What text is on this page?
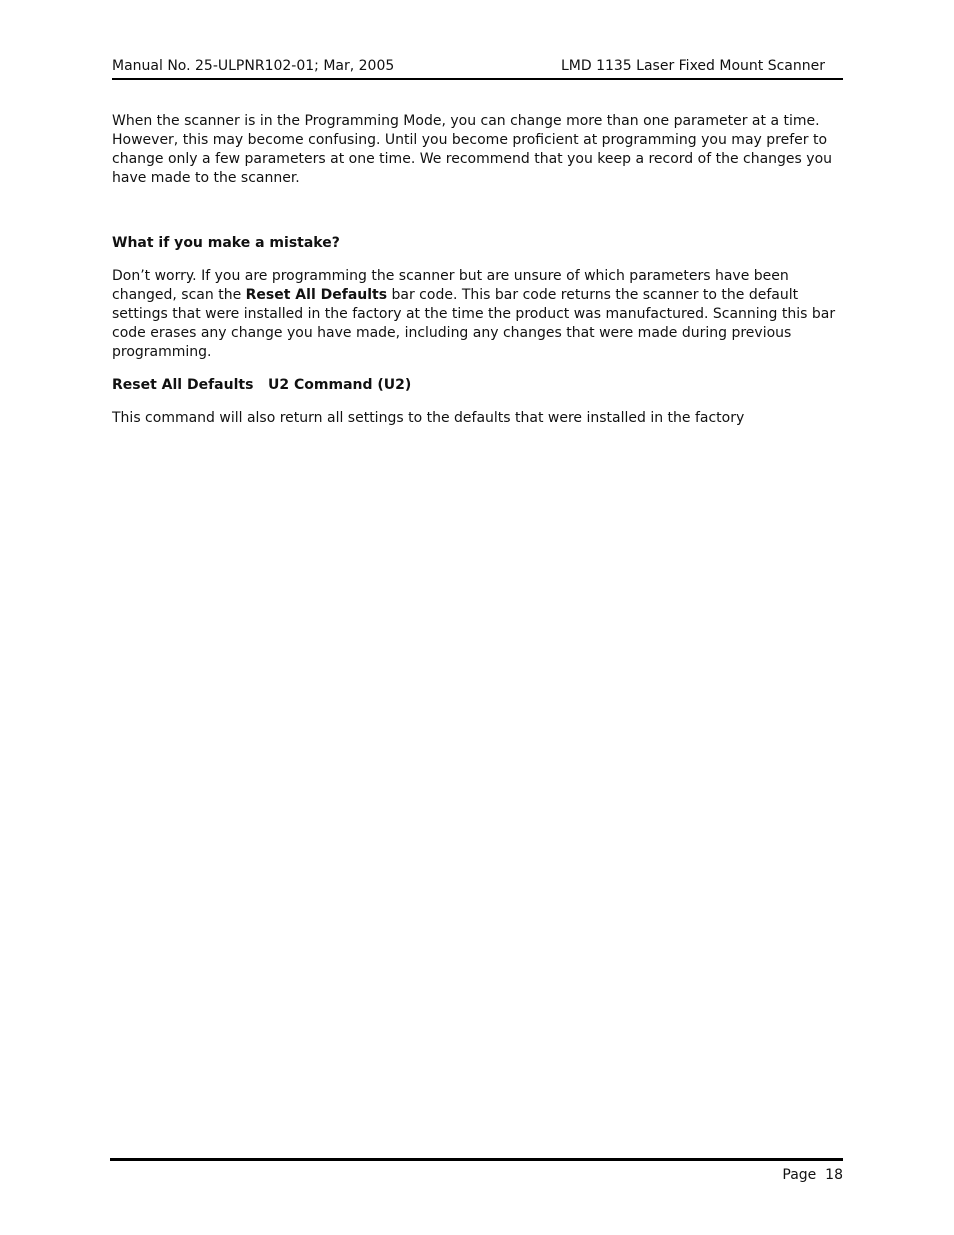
Manual No. 25-ULPNR102-01; Mar, 2005	LMD 1135 Laser Fixed Mount Scanner

When the scanner is in the Programming Mode, you can change more than one parameter at a time. However, this may become confusing. Until you become proficient at programming you may prefer to change only a few parameters at one time. We recommend that you keep a record of the changes you have made to the scanner.

What if you make a mistake?

Don’t worry. If you are programming the scanner but are unsure of which parameters have been changed, scan the Reset All Defaults bar code. This bar code returns the scanner to the default settings that were installed in the factory at the time the product was manufactured. Scanning this bar code erases any change you have made, including any changes that were made during previous programming.

Reset All Defaults   U2 Command (U2)

This command will also return all settings to the defaults that were installed in the factory

Page  18
